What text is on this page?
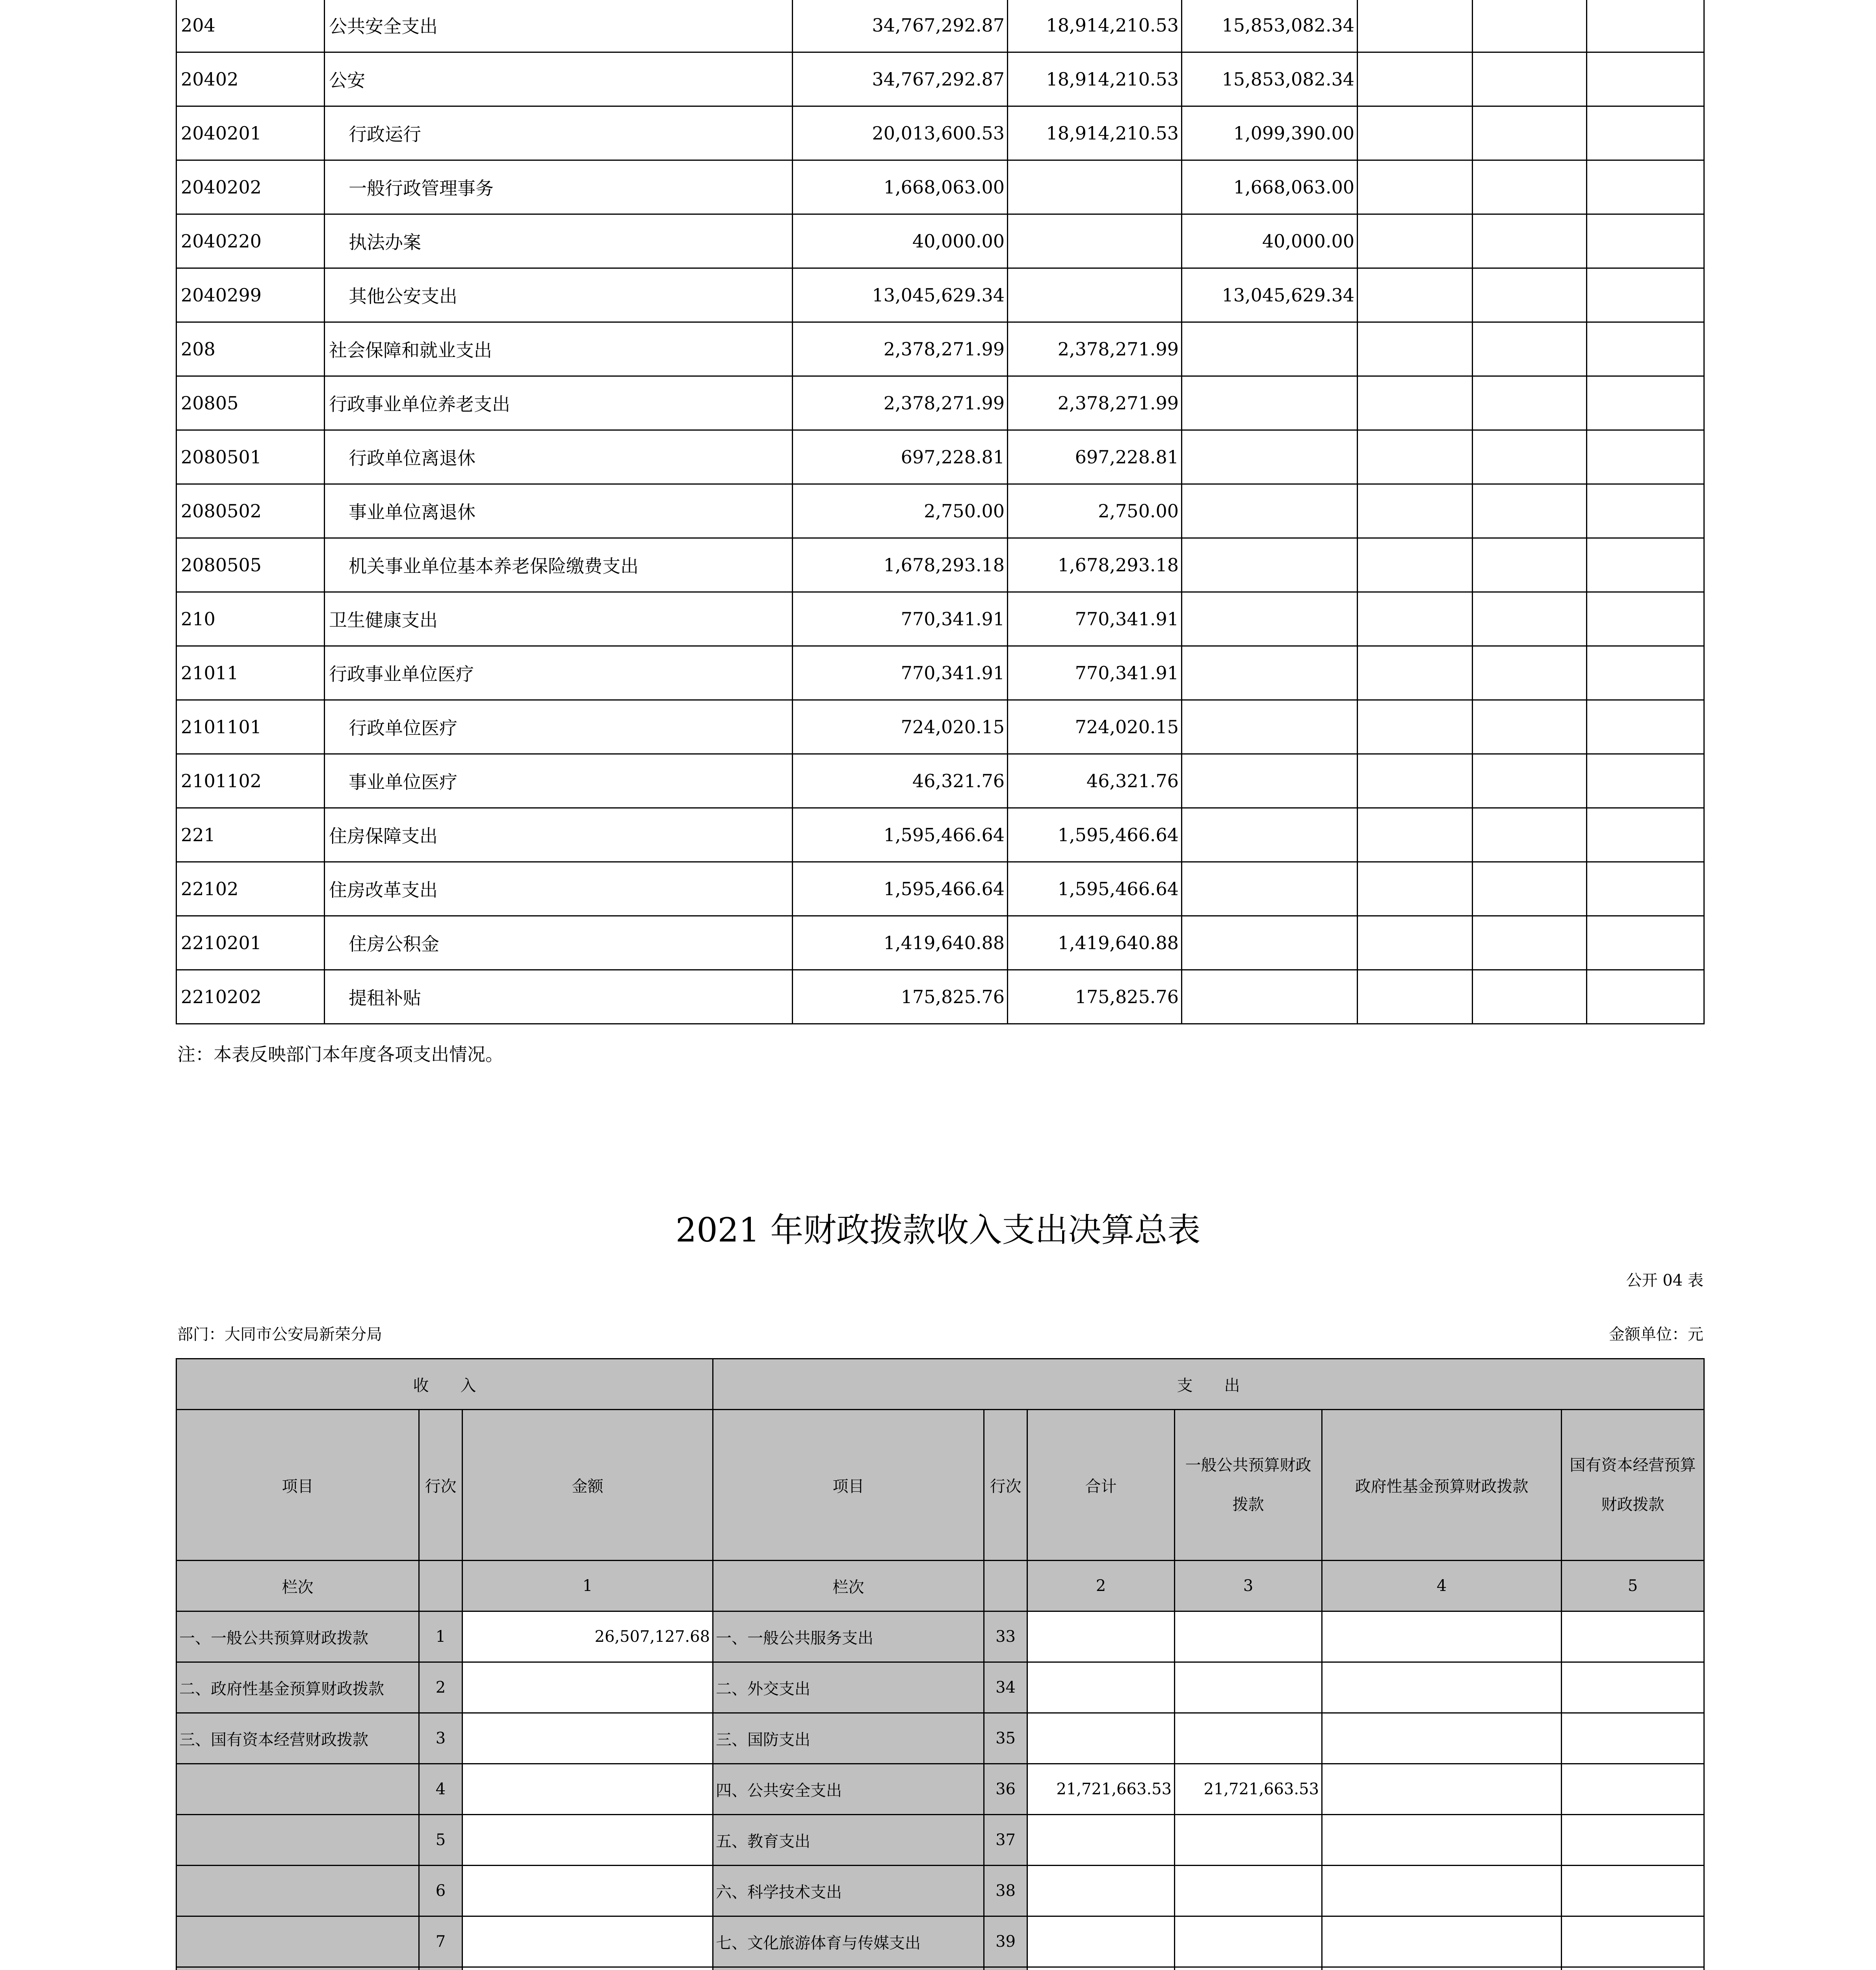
204	公共安全支出	34,767,292.87	18,914,210.53	15,853,082.34			
20402	公安	34,767,292.87	18,914,210.53	15,853,082.34			
2040201	行政运行	20,013,600.53	18,914,210.53	1,099,390.00			
2040202	一般行政管理事务	1,668,063.00		1,668,063.00			
2040220	执法办案	40,000.00		40,000.00			
2040299	其他公安支出	13,045,629.34		13,045,629.34			
208	社会保障和就业支出	2,378,271.99	2,378,271.99				
20805	行政事业单位养老支出	2,378,271.99	2,378,271.99				
2080501	行政单位离退休	697,228.81	697,228.81				
2080502	事业单位离退休	2,750.00	2,750.00				
2080505	机关事业单位基本养老保险缴费支出	1,678,293.18	1,678,293.18				
210	卫生健康支出	770,341.91	770,341.91				
21011	行政事业单位医疗	770,341.91	770,341.91				
2101101	行政单位医疗	724,020.15	724,020.15				
2101102	事业单位医疗	46,321.76	46,321.76				
221	住房保障支出	1,595,466.64	1,595,466.64				
22102	住房改革支出	1,595,466.64	1,595,466.64				
2210201	住房公积金	1,419,640.88	1,419,640.88				
2210202	提租补贴	175,825.76	175,825.76				
注：本表反映部门本年度各项支出情况。
2021 年财政拨款收入支出决算总表
公开 04 表
部门：大同市公安局新荣分局	金额单位：元
收　　入			支　　出					
项目	行次	金额	项目	行次	合计	一般公共预算财政拨款	政府性基金预算财政拨款	国有资本经营预算财政拨款
栏次		1	栏次		2	3	4	5
一、一般公共预算财政拨款	1	26,507,127.68	一、一般公共服务支出	33				
二、政府性基金预算财政拨款	2		二、外交支出	34				
三、国有资本经营财政拨款	3		三、国防支出	35				
	4		四、公共安全支出	36	21,721,663.53	21,721,663.53		
	5		五、教育支出	37				
	6		六、科学技术支出	38				
	7		七、文化旅游体育与传媒支出	39				
